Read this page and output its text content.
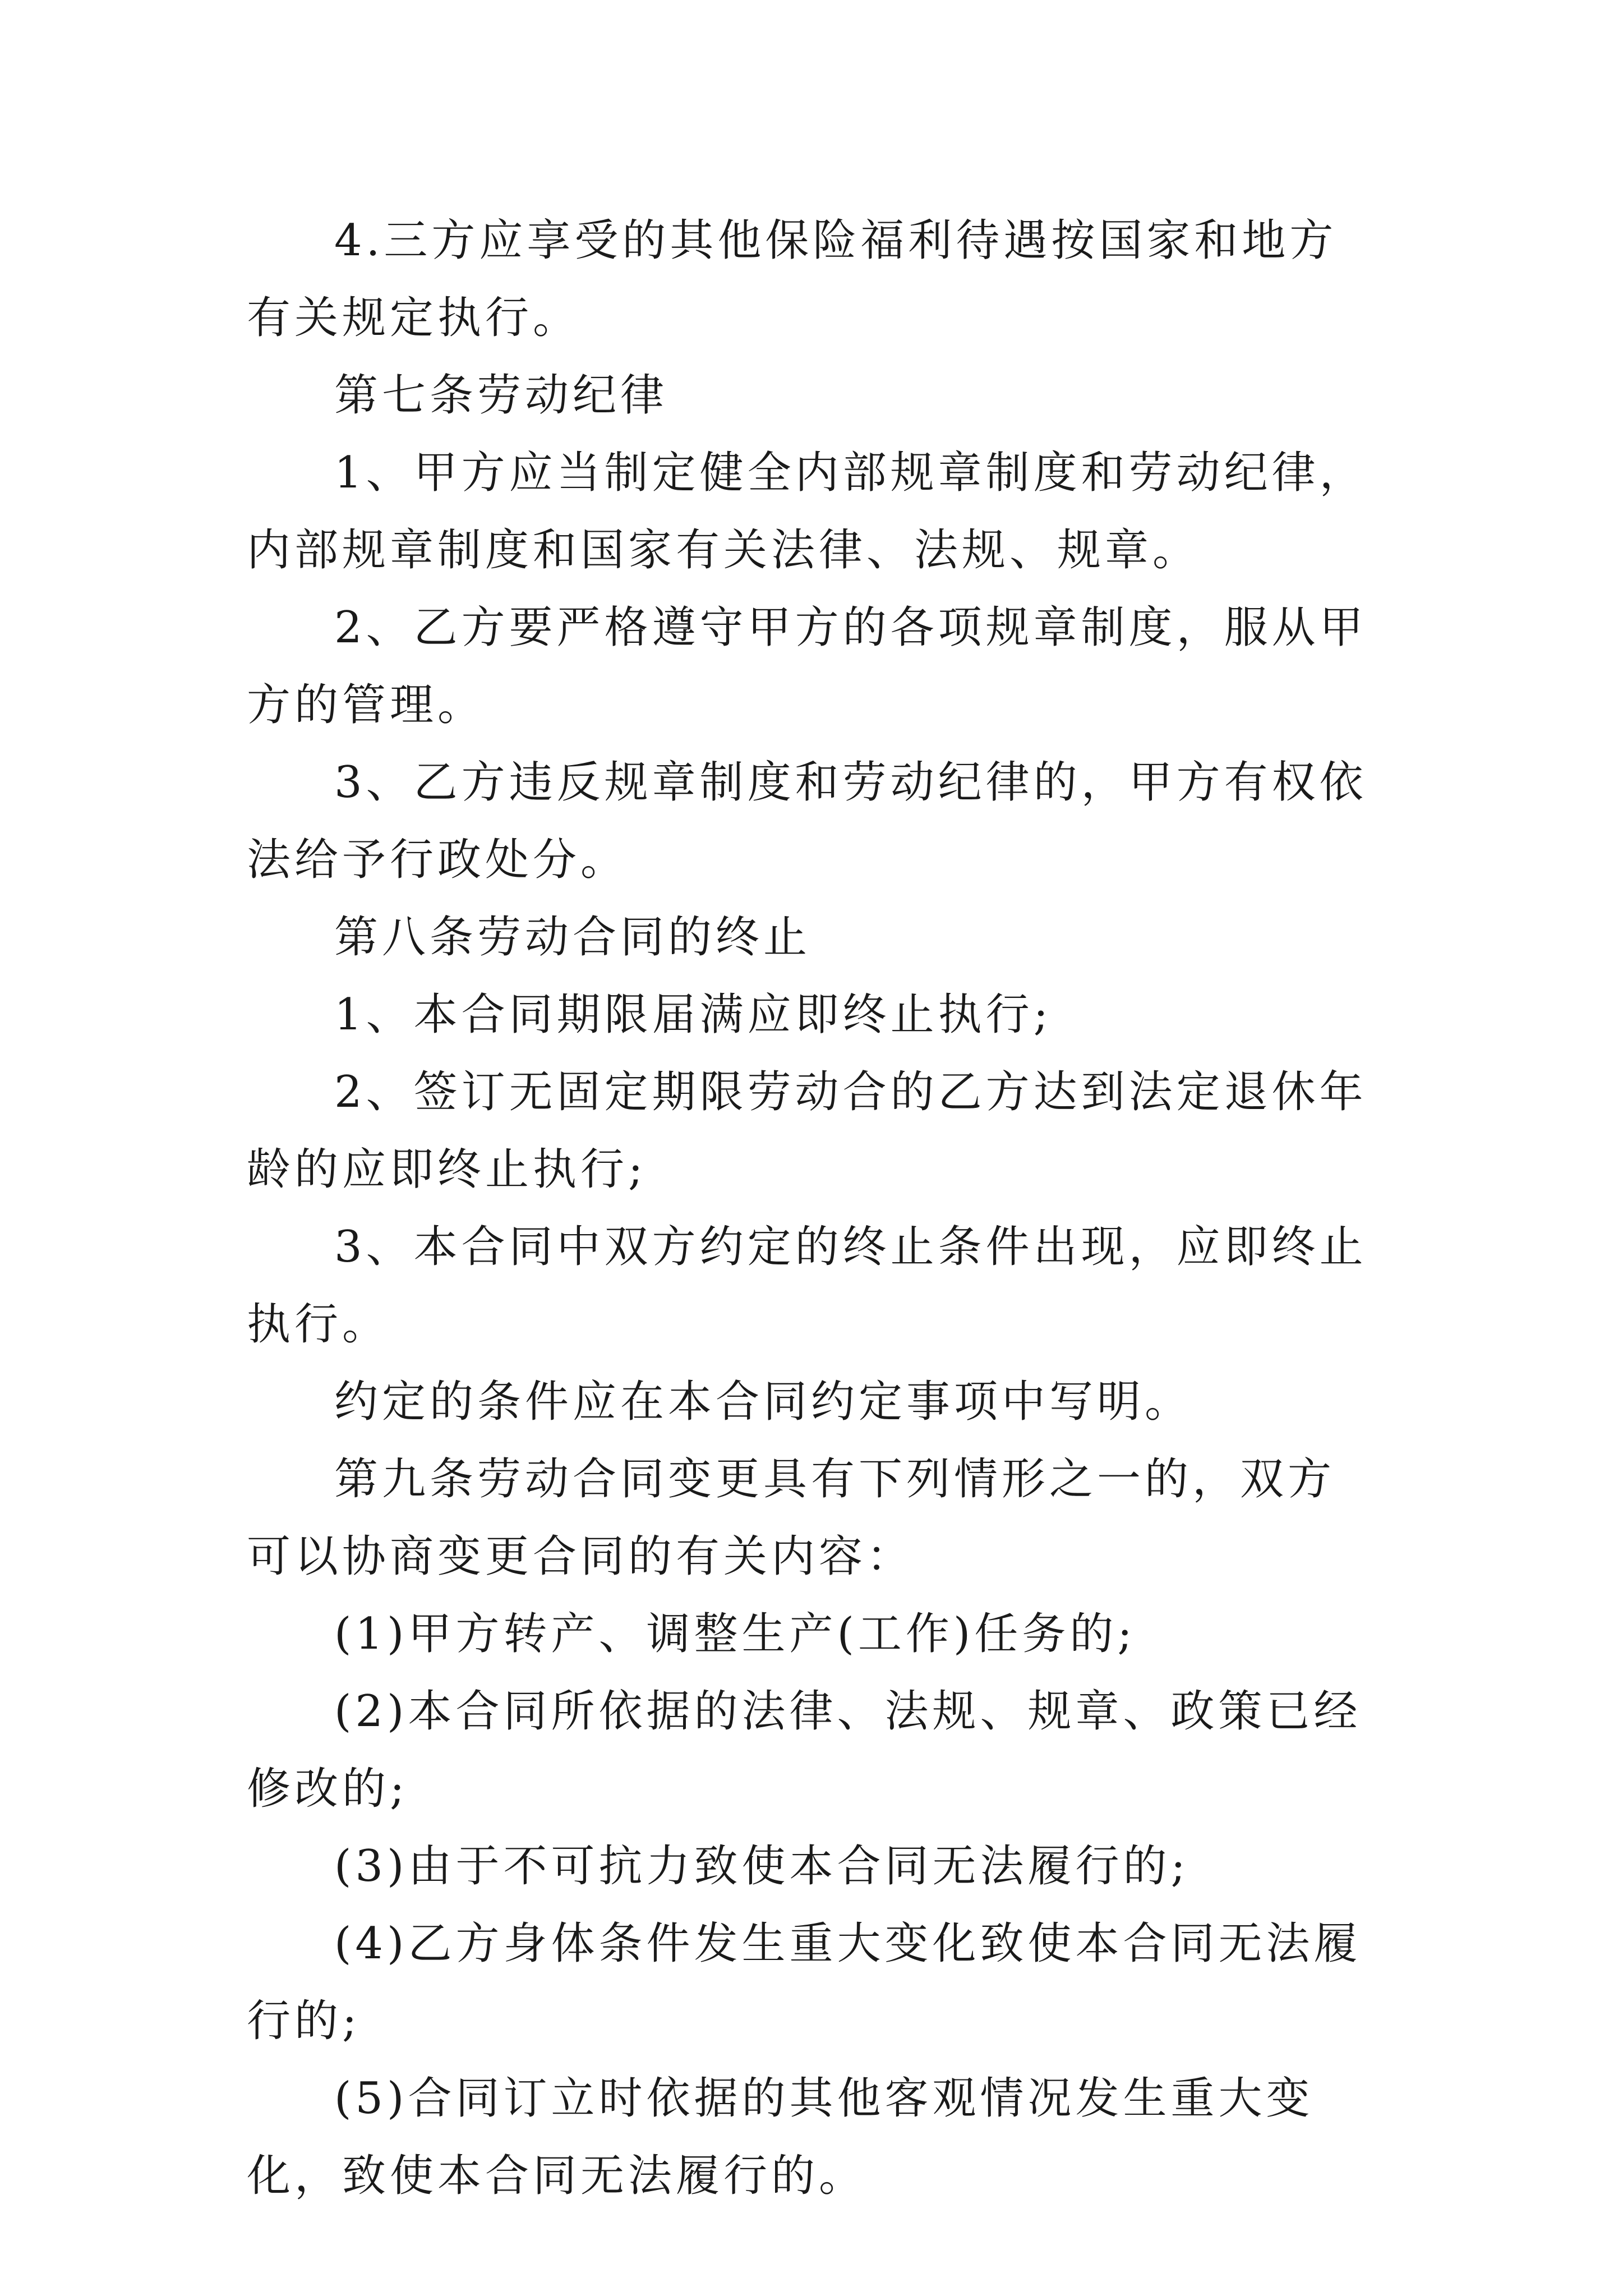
4.三方应享受的其他保险福利待遇按国家和地方有关规定执行。

第七条劳动纪律

1、甲方应当制定健全内部规章制度和劳动纪律，内部规章制度和国家有关法律、法规、规章。

2、乙方要严格遵守甲方的各项规章制度，服从甲方的管理。

3、乙方违反规章制度和劳动纪律的，甲方有权依法给予行政处分。

第八条劳动合同的终止

1、本合同期限届满应即终止执行;

2、签订无固定期限劳动合的乙方达到法定退休年龄的应即终止执行;

3、本合同中双方约定的终止条件出现，应即终止执行。

约定的条件应在本合同约定事项中写明。

第九条劳动合同变更具有下列情形之一的，双方可以协商变更合同的有关内容：

(1)甲方转产、调整生产(工作)任务的;

(2)本合同所依据的法律、法规、规章、政策已经修改的;

(3)由于不可抗力致使本合同无法履行的;

(4)乙方身体条件发生重大变化致使本合同无法履行的;

(5)合同订立时依据的其他客观情况发生重大变化，致使本合同无法履行的。
